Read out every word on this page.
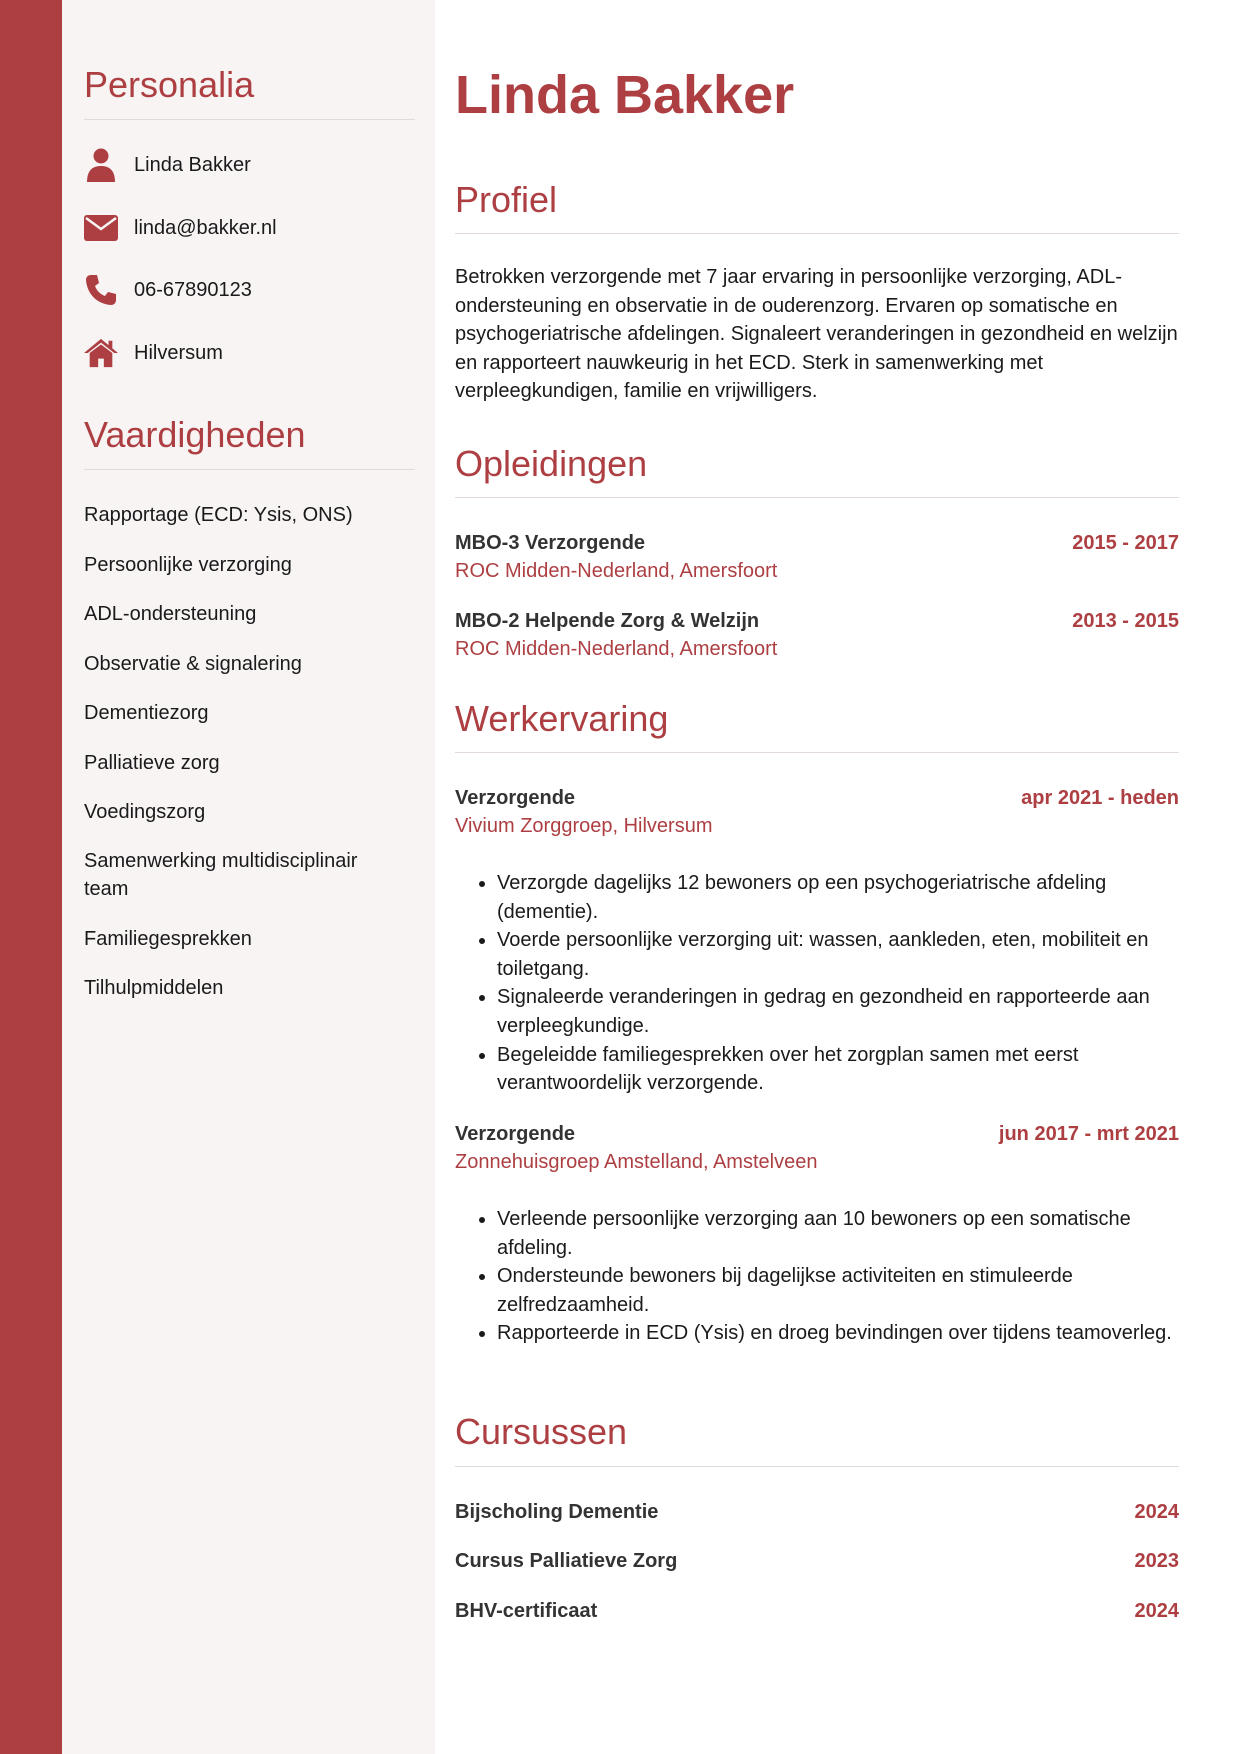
Personalia
Linda Bakker
linda@bakker.nl
06-67890123
Hilversum
Vaardigheden
Rapportage (ECD: Ysis, ONS)
Persoonlijke verzorging
ADL-ondersteuning
Observatie & signalering
Dementiezorg
Palliatieve zorg
Voedingszorg
Samenwerking multidisciplinair team
Familiegesprekken
Tilhulpmiddelen
Linda Bakker
Profiel

Betrokken verzorgende met 7 jaar ervaring in persoonlijke verzorging, ADL-ondersteuning en observatie in de ouderenzorg. Ervaren op somatische en psychogeriatrische afdelingen. Signaleert veranderingen in gezondheid en welzijn en rapporteert nauwkeurig in het ECD. Sterk in samenwerking met verpleegkundigen, familie en vrijwilligers.

Opleidingen
MBO-3 Verzorgende	2015 - 2017
ROC Midden-Nederland, Amersfoort
MBO-2 Helpende Zorg & Welzijn	2013 - 2015
ROC Midden-Nederland, Amersfoort
Werkervaring
Verzorgende	apr 2021 - heden
Vivium Zorggroep, Hilversum
• Verzorgde dagelijks 12 bewoners op een psychogeriatrische afdeling (dementie).
• Voerde persoonlijke verzorging uit: wassen, aankleden, eten, mobiliteit en toiletgang.
• Signaleerde veranderingen in gedrag en gezondheid en rapporteerde aan verpleegkundige.
• Begeleidde familiegesprekken over het zorgplan samen met eerst verantwoordelijk verzorgende.
Verzorgende	jun 2017 - mrt 2021
Zonnehuisgroep Amstelland, Amstelveen
• Verleende persoonlijke verzorging aan 10 bewoners op een somatische afdeling.
• Ondersteunde bewoners bij dagelijkse activiteiten en stimuleerde zelfredzaamheid.
• Rapporteerde in ECD (Ysis) en droeg bevindingen over tijdens teamoverleg.
Cursussen
Bijscholing Dementie	2024
Cursus Palliatieve Zorg	2023
BHV-certificaat	2024
